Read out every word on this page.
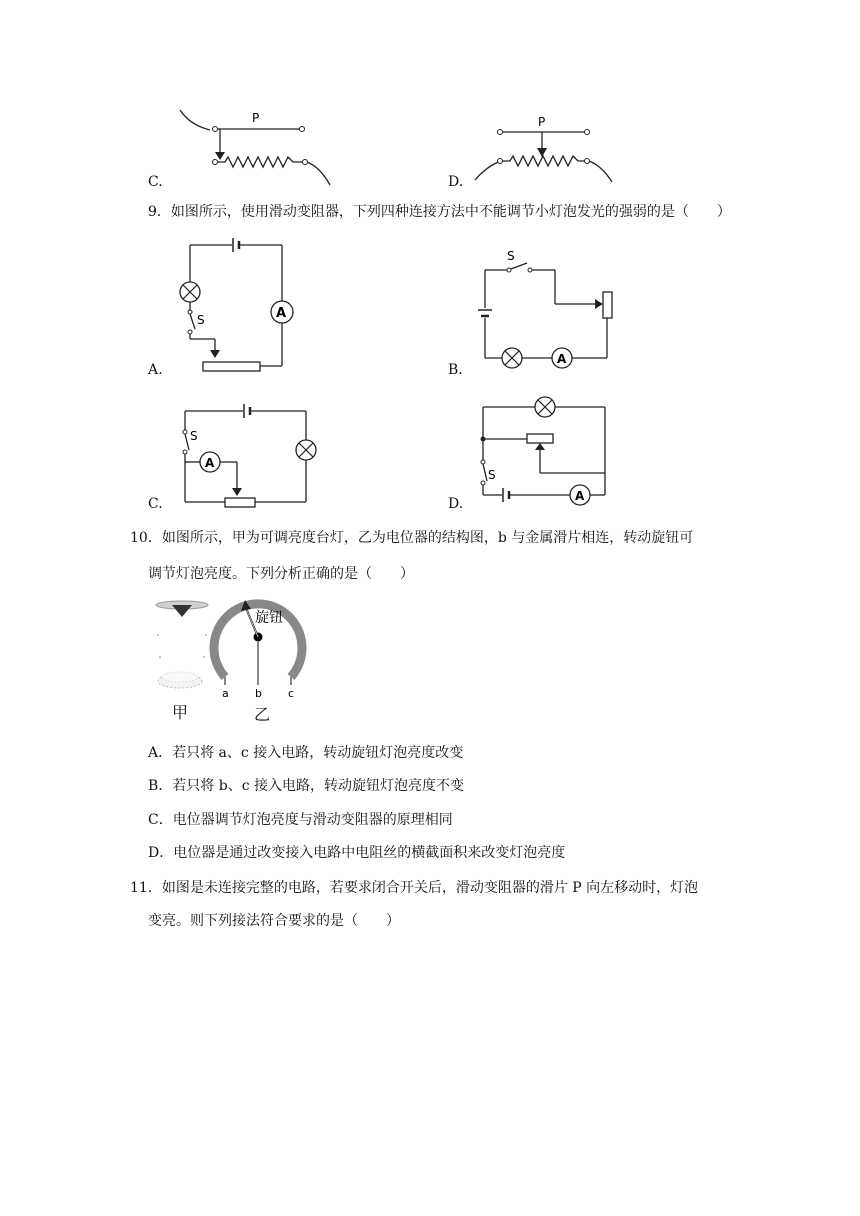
C.
P
D.
P
9．如图所示，使用滑动变阻器，下列四种连接方法中不能调节小灯泡发光的强弱的是（　　）
A.
S	A
B.
S
A
C.
S
A
D.
S
A
10．如图所示，甲为可调亮度台灯，乙为电位器的结构图，b 与金属滑片相连，转动旋钮可
调节灯泡亮度。下列分析正确的是（　　）
甲
旋钮
a b c
乙
A．若只将 a、c 接入电路，转动旋钮灯泡亮度改变
B．若只将 b、c 接入电路，转动旋钮灯泡亮度不变
C．电位器调节灯泡亮度与滑动变阻器的原理相同
D．电位器是通过改变接入电路中电阻丝的横截面积来改变灯泡亮度
11．如图是未连接完整的电路，若要求闭合开关后，滑动变阻器的滑片 P 向左移动时，灯泡
变亮。则下列接法符合要求的是（　　）
